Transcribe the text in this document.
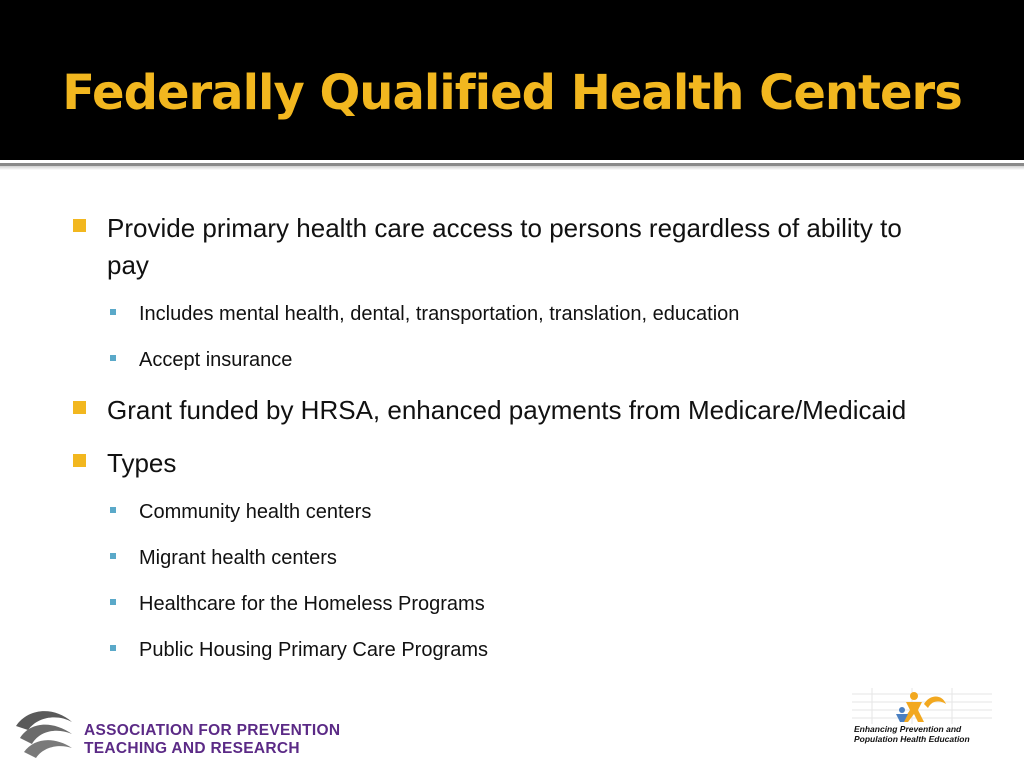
Federally Qualified Health Centers
Provide primary health care access to persons regardless of ability to pay
Includes mental health, dental, transportation, translation, education
Accept insurance
Grant funded by HRSA, enhanced payments from Medicare/Medicaid
Types
Community health centers
Migrant health centers
Healthcare for the Homeless Programs
Public Housing Primary Care Programs
ASSOCIATION FOR PREVENTION
TEACHING AND RESEARCH
Enhancing Prevention and
Population Health Education
